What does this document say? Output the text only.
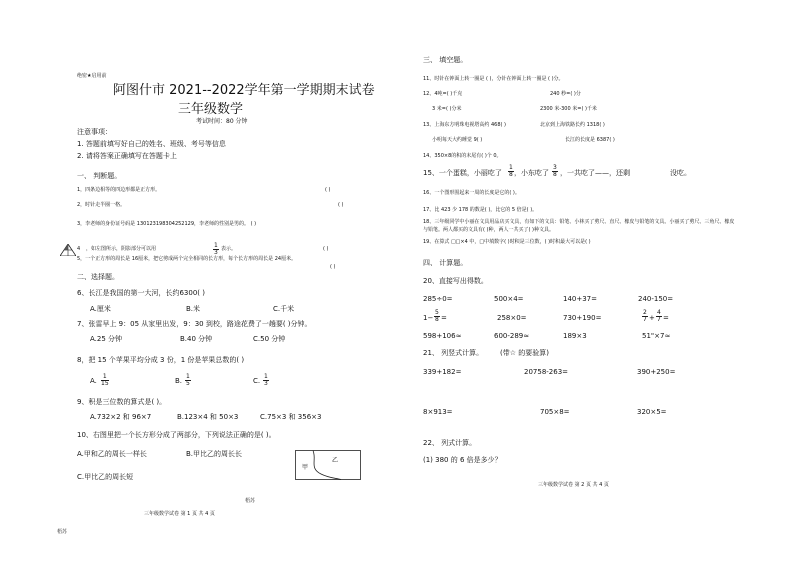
绝密★启用前
阿图什市 2021--2022学年第一学期期末试卷
三年级数学
考试时间：80 分钟
注意事项：
1. 答题前填写好自己的姓名、班级、考号等信息
2. 请将答案正确填写在答题卡上
一、 判断题。
1，四条边相等的四边形都是正方形。	( )
2，时针走半圈一格。	( )
3，李老师的身份证号码是 130123198304252129，李老师的性别是男的。 ( )
4 ，如左图所示，阴影部分可以用	$\frac{1}{3}$ 表示。	( )
5，一个正方形的周长是 16厘米，把它剪成两个完全相同的长方形，每个长方形的周长是 24厘米。
( )
二、选择题。
6、长江是我国的第一大河，长约6300( )
A.厘米	B.米	C.千米
7、张雷早上 9：05 从家里出发，9：30 到校，路途花费了一趟要( )分钟。
A.25 分钟	B.40 分钟	C.50 分钟
8，把 15 个苹果平均分成 3 份，1 份是苹果总数的( )
A. $\frac{1}{15}$	B. $\frac{1}{5}$	C. $\frac{1}{3}$
9、积是三位数的算式是( )。
A.732×2 和 96×7	B.123×4 和 50×3	C.75×3 和 356×3
10、右图里把一个长方形分成了两部分，下列说法正确的是( )。
A.甲和乙的周长一样长	B.甲比乙的周长长
C.甲比乙的周长短
甲
乙
梧苏
三年级数学试卷 第 1 页 共 4 页
梧苏
三、 填空题。
11、时针在钟面上转一圈是 ( )，分针在钟面上转一圈是 ( )分。
12、4吨=( )千克	240 秒=( )分
3 米=( )分米	2300 米-300 米=( )千米
13、上海东方明珠电视塔高约 468( )	北京到上海铁路长约 1318( )
小明每天大约睡觉 9( )	长江的长度是 6387( )
14、350×8的积的末尾有( )个 0。
15、一个蛋糕，小丽吃了 $\frac{1}{8}$ ，小东吃了 $\frac{3}{8}$ ，一共吃了——，还剩	没吃。
16、一个图形围起来一周的长度是它的( )。
17、比 423 少 178 的数是( )，比它的 5 倍是( )。
18、三年级同学中小丽在文具用品店买文具，有如下的文具：铅笔、小林买了剪尺、直尺、橡皮与铅笔的文具。小丽买了剪尺、三角尺、橡皮
与铅笔。两人都买的文具有( )种，两人一共买了( )种文具。
19、在算式 □□×4 中，□中填数字( )时积是三位数，( )时积最大可以是( )
四、 计算题。
20、直接写出得数。
285÷0=	500×4=	140+37=	240-150=
$1- \frac{5}{8}$ =	258×0=	730+190=	$\frac{2}{7} + \frac{4}{7}$ =
598+106≈	600-289≈	189×3	51"×7≈
21、 列竖式计算。 (带☆ 的要验算)
339+182=	20758-263=	390+250=
8×913=	705×8=	320×5=
22、 列式计算。
(1) 380 的 6 倍是多少？
三年级数学试卷 第 2 页 共 4 页
